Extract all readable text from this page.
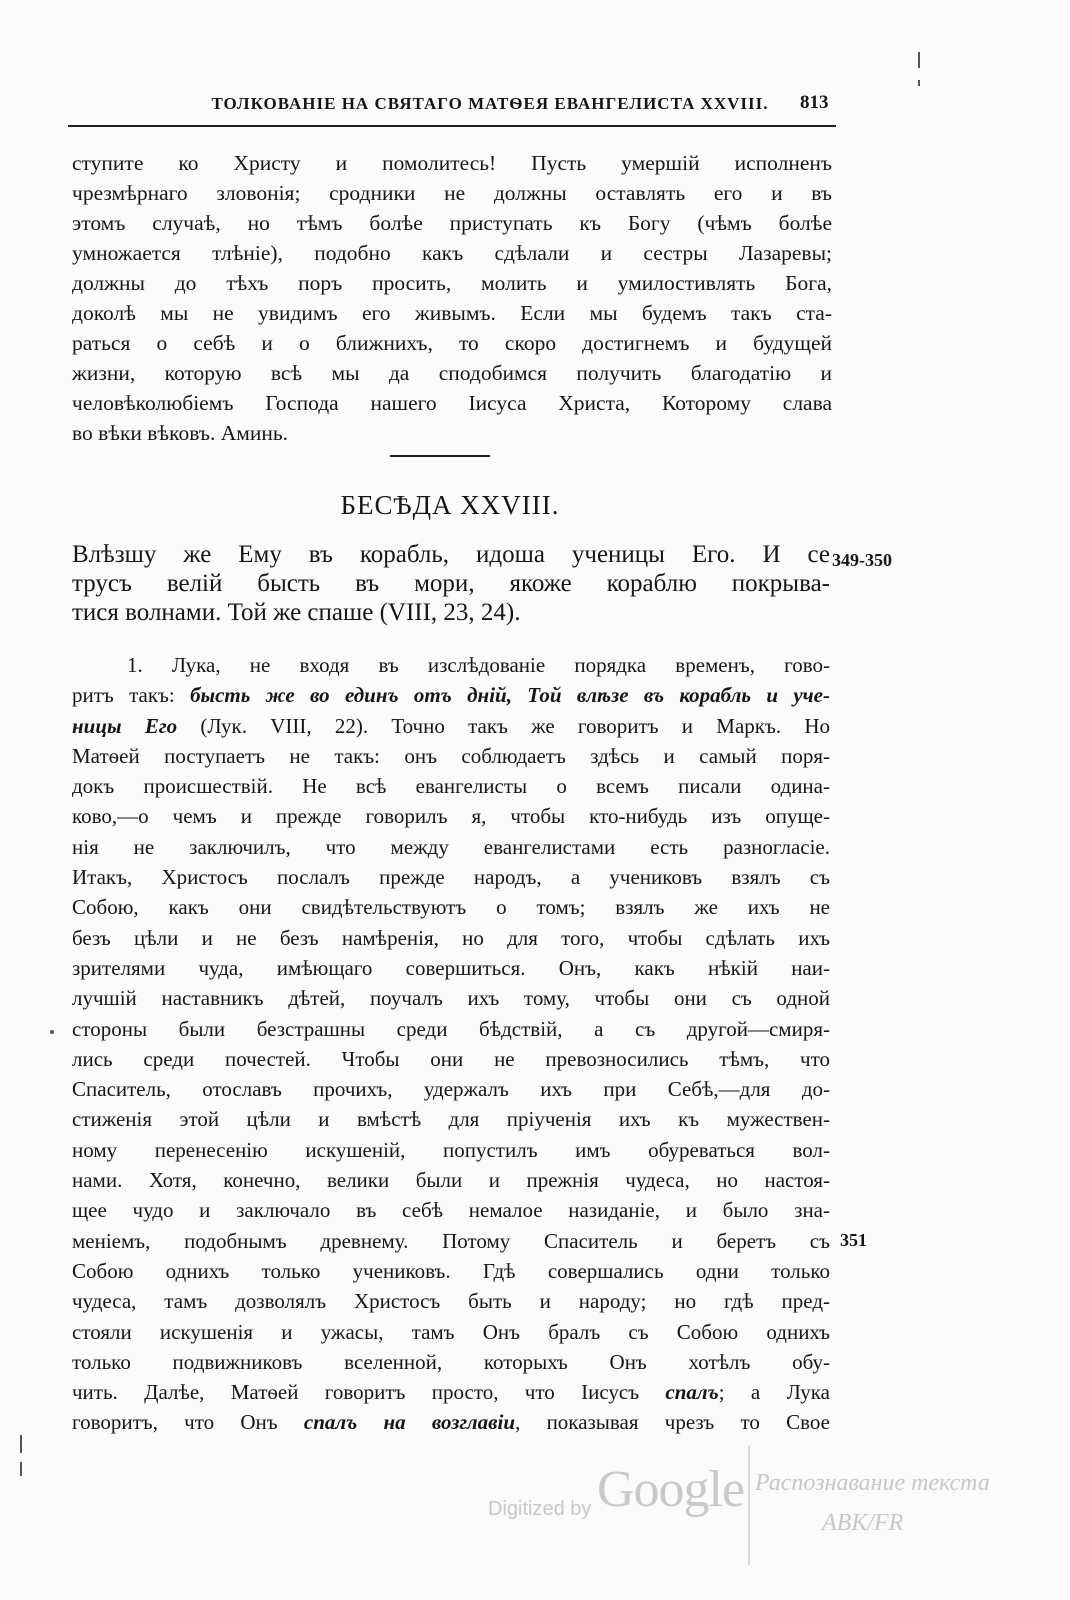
ТОЛКОВАНІЕ НА СВЯТАГО МАТѲЕЯ ЕВАНГЕЛИСТА XXVIII.	813
ступите ко Христу и помолитесь! Пусть умершій исполненъ
чрезмѣрнаго зловонія; сродники не должны оставлять его и въ
этомъ случаѣ, но тѣмъ болѣе приступать къ Богу (чѣмъ болѣе
умножается тлѣніе), подобно какъ сдѣлали и сестры Лазаревы;
должны до тѣхъ поръ просить, молить и умилостивлять Бога,
доколѣ мы не увидимъ его живымъ. Если мы будемъ такъ ста-
раться о себѣ и о ближнихъ, то скоро достигнемъ и будущей
жизни, которую всѣ мы да сподобимся получить благодатію и
человѣколюбіемъ Господа нашего Іисуса Христа, Которому слава
во вѣки вѣковъ. Аминь.
БЕСѢДА XXVIII.
Влѣзшу же Ему въ корабль, идоша ученицы Его. И се
трусъ велій бысть въ мори, якоже кораблю покрыва-
тися волнами. Той же спаше (VIII, 23, 24).
349-350
351
1. Лука, не входя въ изслѣдованіе порядка временъ, гово-
ритъ такъ: бысть же во единъ отъ дній, Той влѣзе въ корабль и уче-
ницы Его (Лук. VIII, 22). Точно такъ же говоритъ и Маркъ. Но
Матѳей поступаетъ не такъ: онъ соблюдаетъ здѣсь и самый поря-
докъ происшествій. Не всѣ евангелисты о всемъ писали одина-
ково,—о чемъ и прежде говорилъ я, чтобы кто-нибудь изъ опуще-
нія не заключилъ, что между евангелистами есть разногласіе.
Итакъ, Христосъ послалъ прежде народъ, а учениковъ взялъ съ
Собою, какъ они свидѣтельствуютъ о томъ; взялъ же ихъ не
безъ цѣли и не безъ намѣренія, но для того, чтобы сдѣлать ихъ
зрителями чуда, имѣющаго совершиться. Онъ, какъ нѣкій наи-
лучшій наставникъ дѣтей, поучалъ ихъ тому, чтобы они съ одной
стороны были безстрашны среди бѣдствій, а съ другой—смиря-
лись среди почестей. Чтобы они не превозносились тѣмъ, что
Спаситель, отославъ прочихъ, удержалъ ихъ при Себѣ,—для до-
стиженія этой цѣли и вмѣстѣ для пріученія ихъ къ мужествен-
ному перенесенію искушеній, попустилъ имъ обуреваться вол-
нами. Хотя, конечно, велики были и прежнія чудеса, но настоя-
щее чудо и заключало въ себѣ немалое назиданіе, и было зна-
меніемъ, подобнымъ древнему. Потому Спаситель и беретъ съ
Собою однихъ только учениковъ. Гдѣ совершались одни только
чудеса, тамъ дозволялъ Христосъ быть и народу; но гдѣ пред-
стояли искушенія и ужасы, тамъ Онъ бралъ съ Собою однихъ
только подвижниковъ вселенной, которыхъ Онъ хотѣлъ обу-
чить. Далѣе, Матѳей говоритъ просто, что Іисусъ спалъ; а Лука
говоритъ, что Онъ спалъ на возглавіи, показывая чрезъ то Свое
Digitized by Google Распознавание текста
ABK/FR
